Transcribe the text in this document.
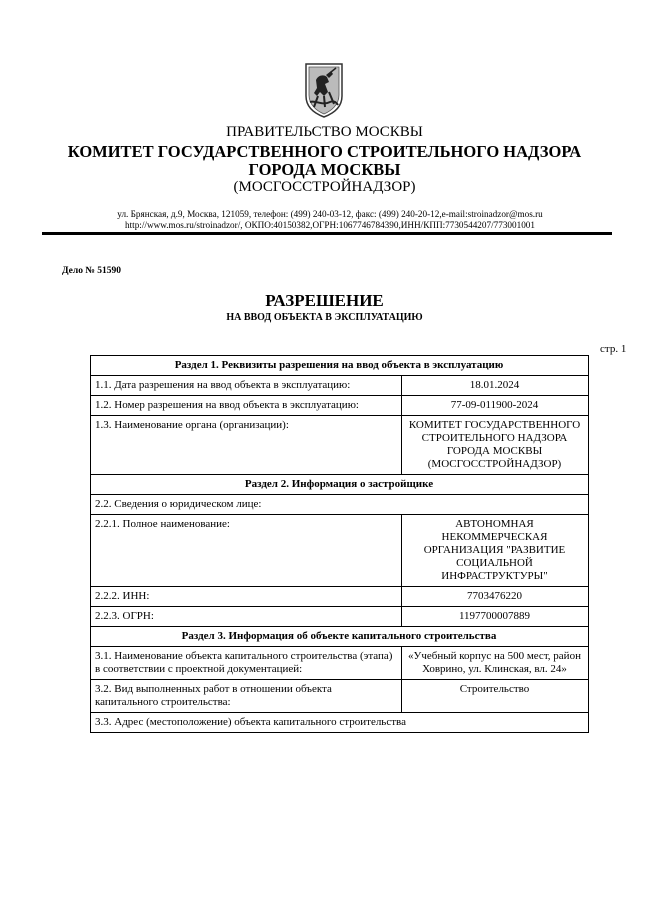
ПРАВИТЕЛЬСТВО МОСКВЫ
КОМИТЕТ ГОСУДАРСТВЕННОГО СТРОИТЕЛЬНОГО НАДЗОРА
ГОРОДА МОСКВЫ
(МОСГОССТРОЙНАДЗОР)
ул. Брянская, д.9, Москва, 121059, телефон: (499) 240-03-12, факс: (499) 240-20-12,e-mail:stroinadzor@mos.ru
http://www.mos.ru/stroinadzor/, ОКПО:40150382,ОГРН:1067746784390,ИНН/КПП:7730544207/773001001
Дело № 51590
РАЗРЕШЕНИЕ
НА ВВОД ОБЪЕКТА В ЭКСПЛУАТАЦИЮ
стр. 1
Раздел 1. Реквизиты разрешения на ввод объекта в эксплуатацию	
1.1. Дата разрешения на ввод объекта в эксплуатацию:	18.01.2024
1.2. Номер разрешения на ввод объекта в эксплуатацию:	77-09-011900-2024
1.3. Наименование органа (организации):	КОМИТЕТ ГОСУДАРСТВЕННОГО СТРОИТЕЛЬНОГО НАДЗОРА ГОРОДА МОСКВЫ (МОСГОССТРОЙНАДЗОР)
Раздел 2. Информация о застройщике	
2.2. Сведения о юридическом лице:	
2.2.1. Полное наименование:	АВТОНОМНАЯ НЕКОММЕРЧЕСКАЯ ОРГАНИЗАЦИЯ "РАЗВИТИЕ СОЦИАЛЬНОЙ ИНФРАСТРУКТУРЫ"
2.2.2. ИНН:	7703476220
2.2.3. ОГРН:	1197700007889
Раздел 3. Информация об объекте капитального строительства	
3.1. Наименование объекта капитального строительства (этапа) в соответствии с проектной документацией:	«Учебный корпус на 500 мест, район Ховрино, ул. Клинская, вл. 24»
3.2. Вид выполненных работ в отношении объекта капитального строительства:	Строительство
3.3. Адрес (местоположение) объекта капитального строительства	
